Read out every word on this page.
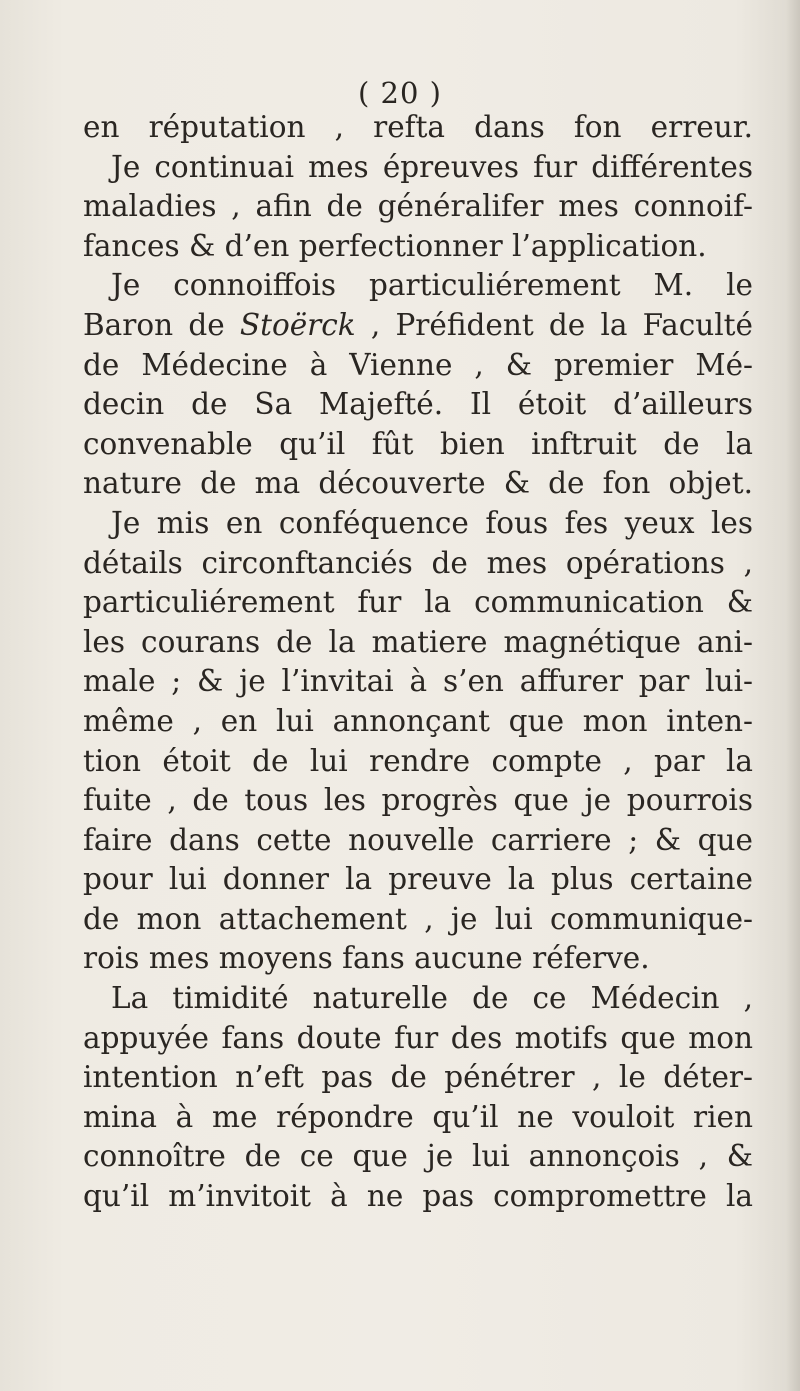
( 20 )
en réputation , refta dans fon erreur.
Je continuai mes épreuves fur différentes
maladies , afin de généralifer mes connoif-
fances & d’en perfectionner l’application.
Je connoiffois particuliérement M. le
Baron de Stoërck , Préfident de la Faculté
de Médecine à Vienne , & premier Mé-
decin de Sa Majefté. Il étoit d’ailleurs
convenable qu’il fût bien inftruit de la
nature de ma découverte & de fon objet.
Je mis en conféquence fous fes yeux les
détails circonftanciés de mes opérations ,
particuliérement fur la communication &
les courans de la matiere magnétique ani-
male ; & je l’invitai à s’en affurer par lui-
même , en lui annonçant que mon inten-
tion étoit de lui rendre compte , par la
fuite , de tous les progrès que je pourrois
faire dans cette nouvelle carriere ; & que
pour lui donner la preuve la plus certaine
de mon attachement , je lui communique-
rois mes moyens fans aucune réferve.
La timidité naturelle de ce Médecin ,
appuyée fans doute fur des motifs que mon
intention n’eft pas de pénétrer , le déter-
mina à me répondre qu’il ne vouloit rien
connoître de ce que je lui annonçois , &
qu’il m’invitoit à ne pas compromettre la
